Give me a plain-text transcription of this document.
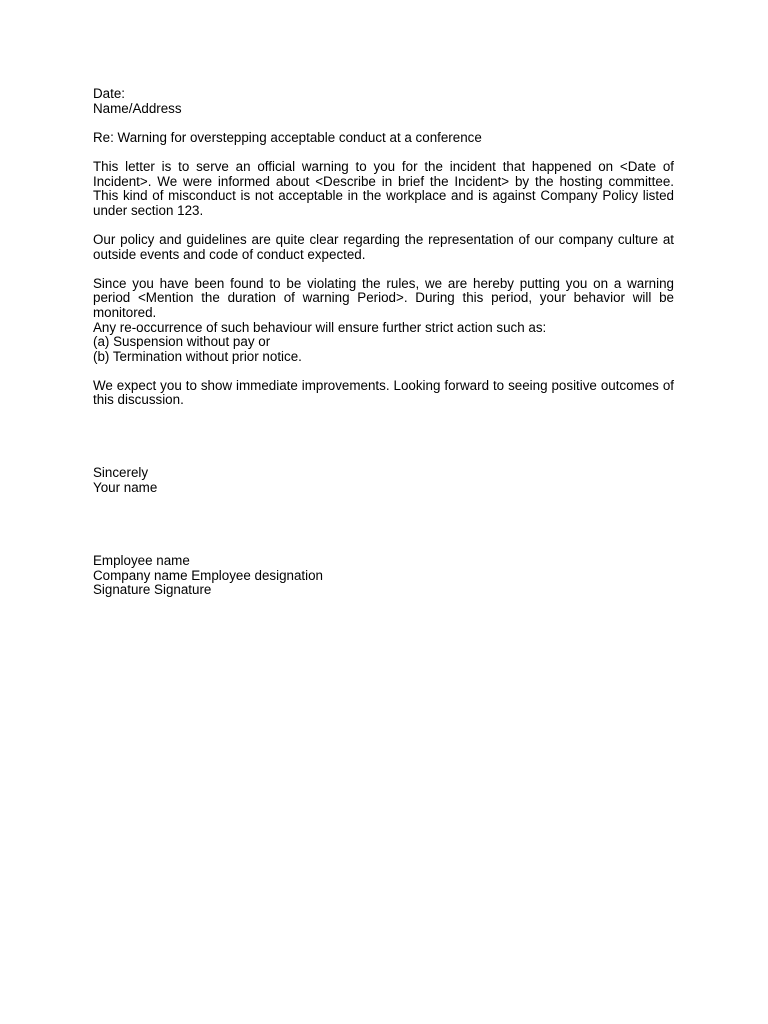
Date:
Name/Address
Re: Warning for overstepping acceptable conduct at a conference

This letter is to serve an official warning to you for the incident that happened on <Date of Incident>. We were informed about <Describe in brief the Incident> by the hosting committee. This kind of misconduct is not acceptable in the workplace and is against Company Policy listed under section 123.

Our policy and guidelines are quite clear regarding the representation of our company culture at outside events and code of conduct expected.

Since you have been found to be violating the rules, we are hereby putting you on a warning period <Mention the duration of warning Period>. During this period, your behavior will be monitored.

Any re-occurrence of such behaviour will ensure further strict action such as:
(a) Suspension without pay or
(b) Termination without prior notice.

We expect you to show immediate improvements. Looking forward to seeing positive outcomes of this discussion.

Sincerely
Your name
Employee name
Company name Employee designation
Signature Signature
